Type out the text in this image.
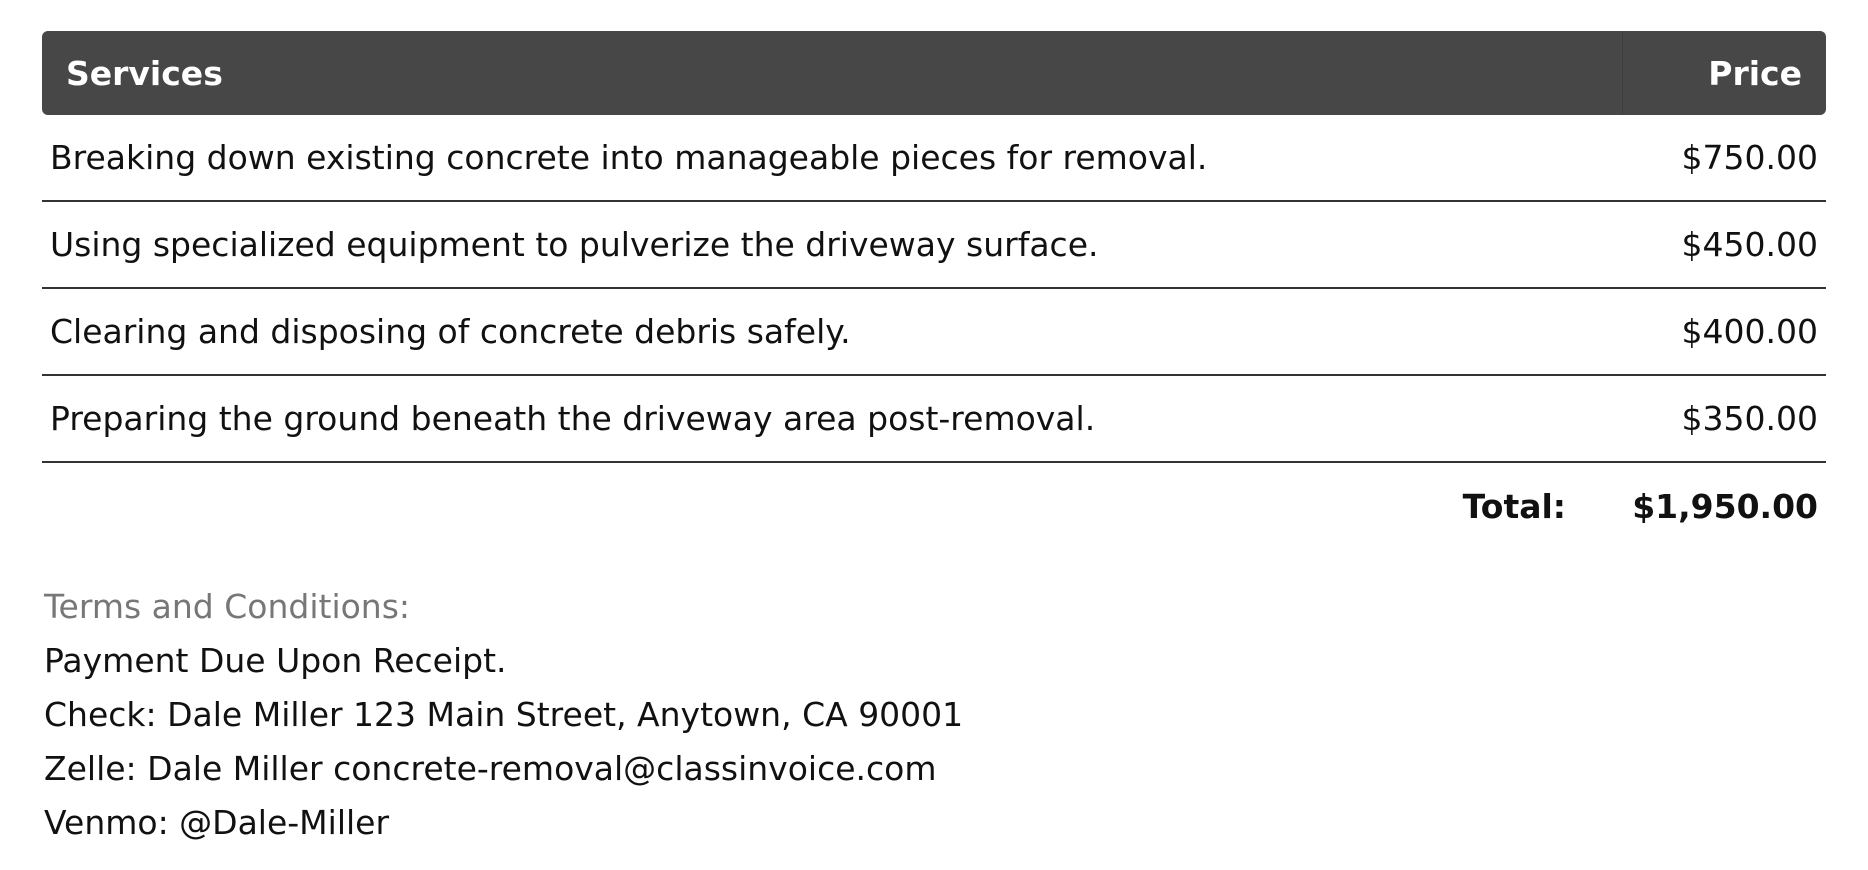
Services	Price
Breaking down existing concrete into manageable pieces for removal.	$750.00
Using specialized equipment to pulverize the driveway surface.	$450.00
Clearing and disposing of concrete debris safely.	$400.00
Preparing the ground beneath the driveway area post-removal.	$350.00
Total:	$1,950.00
Terms and Conditions:
Payment Due Upon Receipt.
Check: Dale Miller 123 Main Street, Anytown, CA 90001
Zelle: Dale Miller concrete-removal@classinvoice.com
Venmo: @Dale-Miller
